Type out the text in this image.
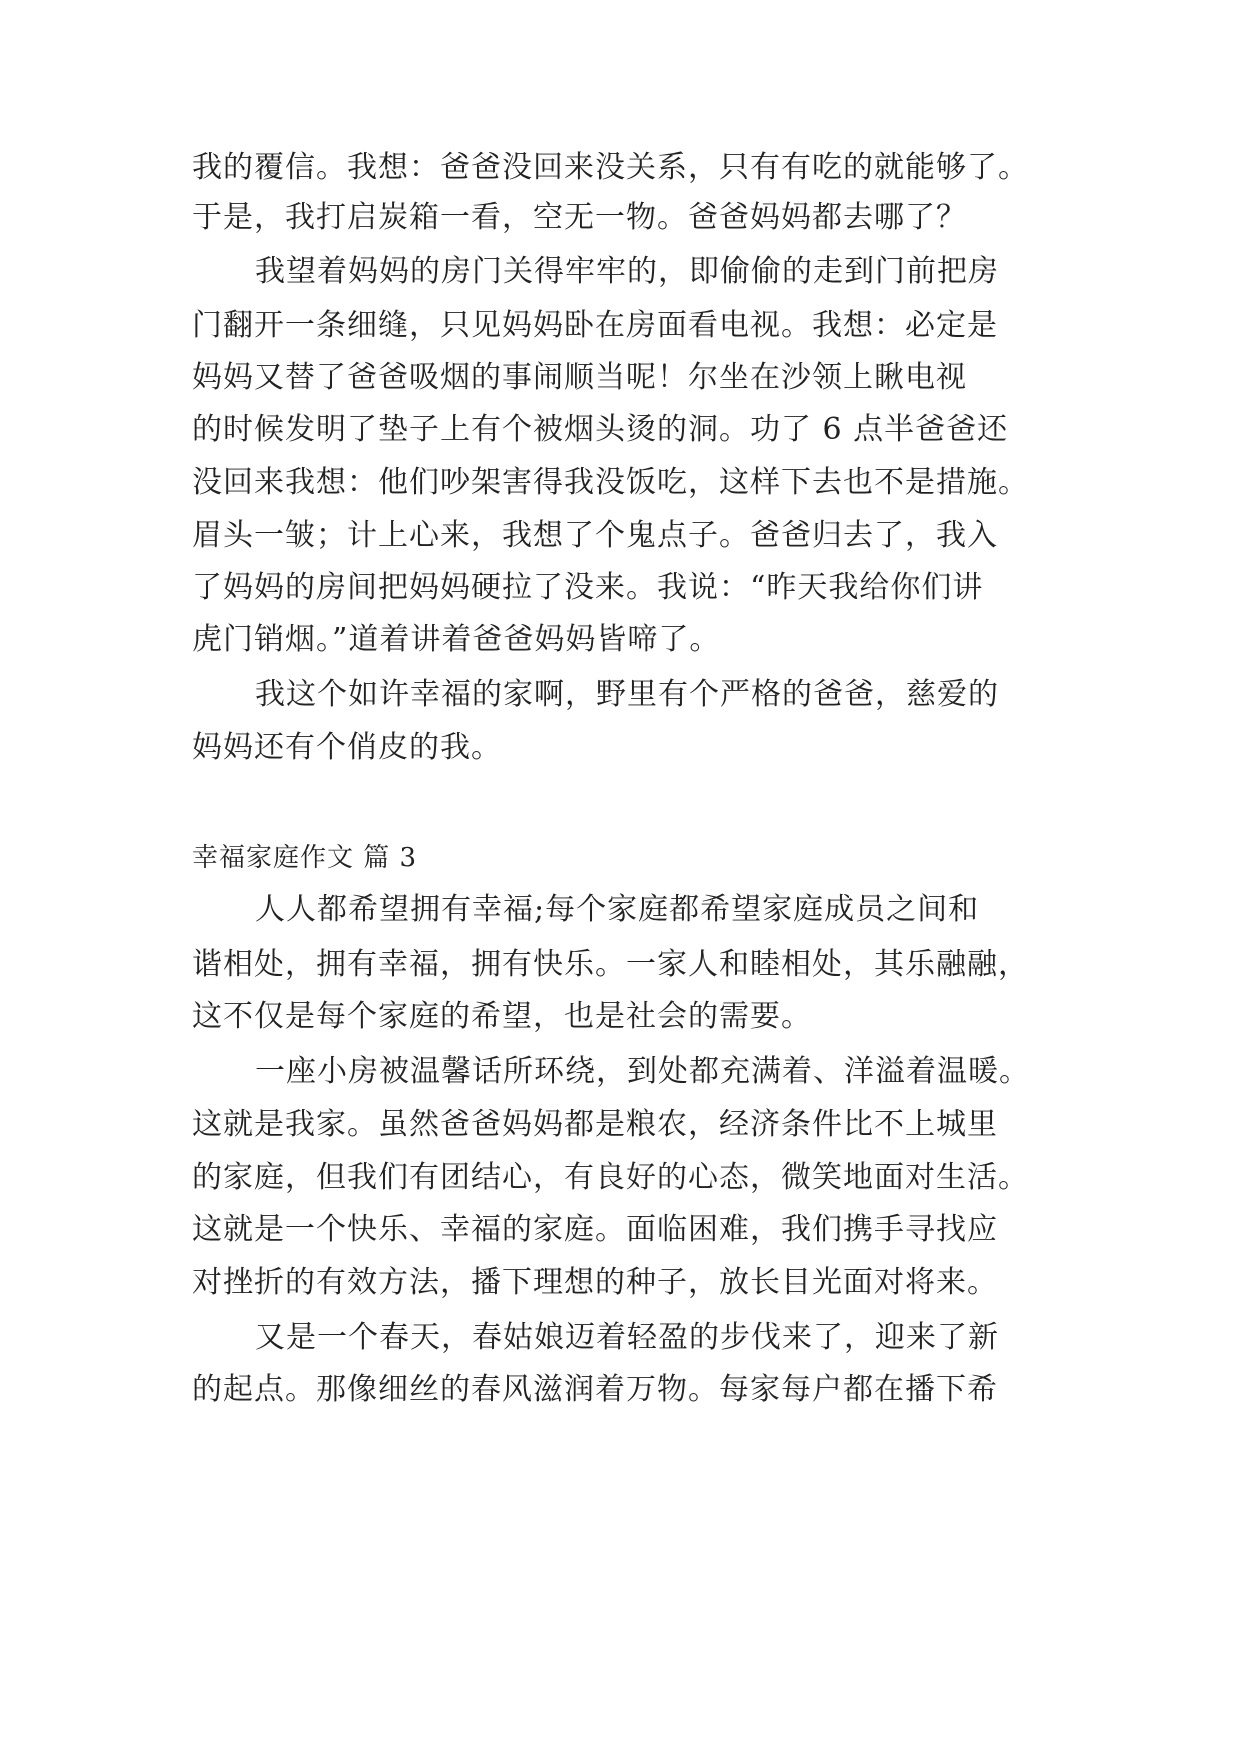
我的覆信。我想：爸爸没回来没关系，只有有吃的就能够了。
于是，我打启炭箱一看，空无一物。爸爸妈妈都去哪了？
我望着妈妈的房门关得牢牢的，即偷偷的走到门前把房
门翻开一条细缝，只见妈妈卧在房面看电视。我想：必定是
妈妈又替了爸爸吸烟的事闹顺当呢！尔坐在沙领上瞅电视
的时候发明了垫子上有个被烟头烫的洞。功了 6 点半爸爸还
没回来我想：他们吵架害得我没饭吃，这样下去也不是措施。
眉头一皱；计上心来，我想了个鬼点子。爸爸归去了，我入
了妈妈的房间把妈妈硬拉了没来。我说：“昨天我给你们讲
虎门销烟。”道着讲着爸爸妈妈皆啼了。
我这个如许幸福的家啊，野里有个严格的爸爸，慈爱的
妈妈还有个俏皮的我。
幸福家庭作文 篇 3
人人都希望拥有幸福;每个家庭都希望家庭成员之间和
谐相处，拥有幸福，拥有快乐。一家人和睦相处，其乐融融，
这不仅是每个家庭的希望，也是社会的需要。
一座小房被温馨话所环绕，到处都充满着、洋溢着温暖。
这就是我家。虽然爸爸妈妈都是粮农，经济条件比不上城里
的家庭，但我们有团结心，有良好的心态，微笑地面对生活。
这就是一个快乐、幸福的家庭。面临困难，我们携手寻找应
对挫折的有效方法，播下理想的种子，放长目光面对将来。
又是一个春天，春姑娘迈着轻盈的步伐来了，迎来了新
的起点。那像细丝的春风滋润着万物。每家每户都在播下希
